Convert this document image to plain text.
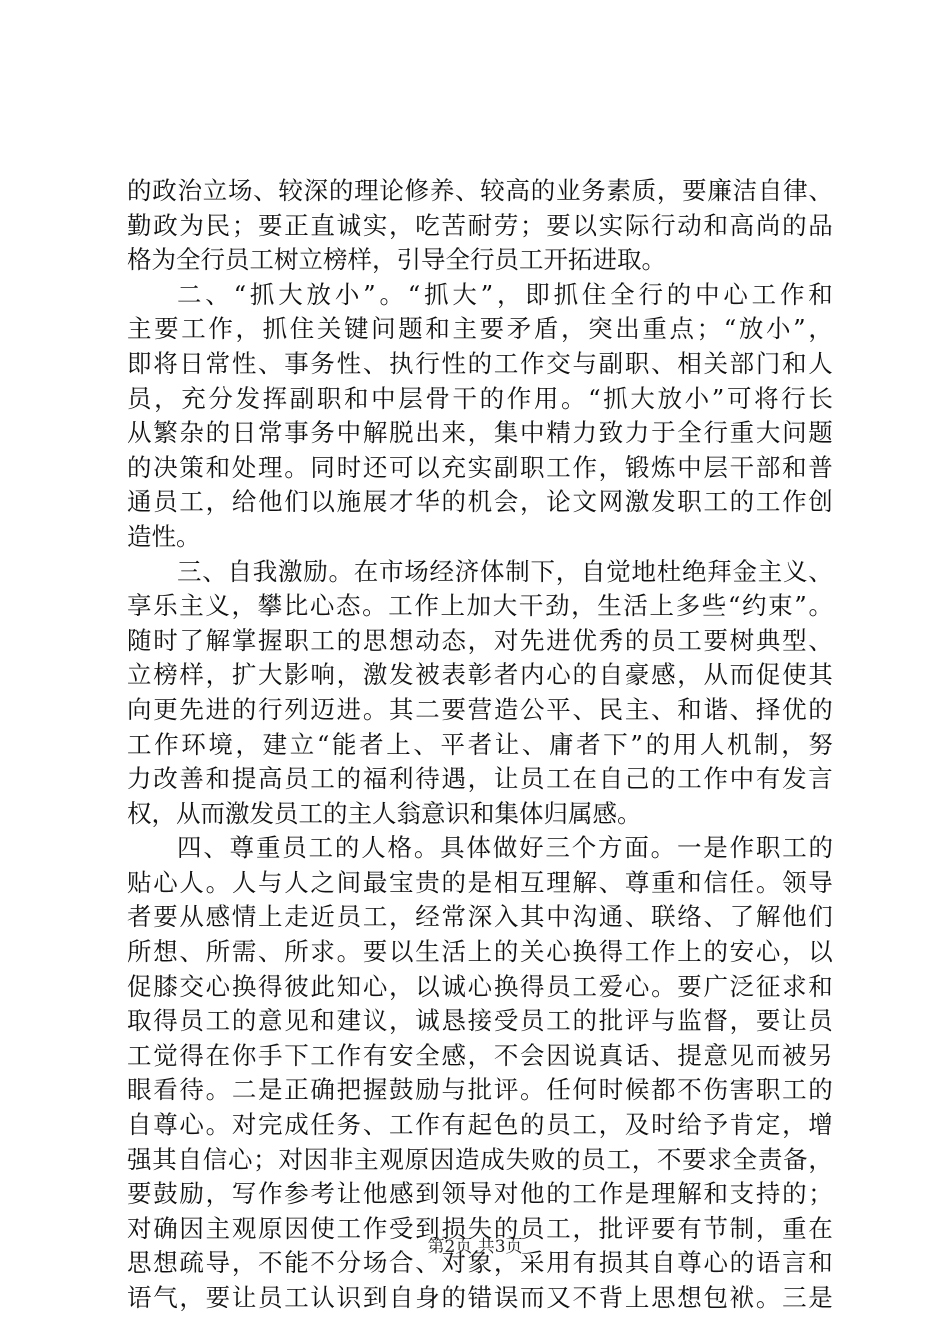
的 政 治 立 场 、 较 深 的 理 论 修 养 、 较 高 的 业 务 素 质 ， 要 廉 洁 自 律 、
勤 政 为 民 ； 要 正 直 诚 实 ， 吃 苦 耐 劳 ； 要 以 实 际 行 动 和 高 尚 的 品
格为全行员工树立榜样，引导全行员工开拓进取。
二 、 “ 抓 大 放 小 ” 。 “ 抓 大 ” ， 即 抓 住 全 行 的 中 心 工 作 和
主 要 工 作 ， 抓 住 关 键 问 题 和 主 要 矛 盾 ， 突 出 重 点 ； “ 放 小 ” ，
即 将 日 常 性 、 事 务 性 、 执 行 性 的 工 作 交 与 副 职 、 相 关 部 门 和 人
员 ， 充 分 发 挥 副 职 和 中 层 骨 干 的 作 用 。 “ 抓 大 放 小 ” 可 将 行 长
从 繁 杂 的 日 常 事 务 中 解 脱 出 来 ， 集 中 精 力 致 力 于 全 行 重 大 问 题
的 决 策 和 处 理 。 同 时 还 可 以 充 实 副 职 工 作 ， 锻 炼 中 层 干 部 和 普
通 员 工 ， 给 他 们 以 施 展 才 华 的 机 会 ， 论 文 网 激 发 职 工 的 工 作 创
造性。
三 、 自 我 激 励 。 在 市 场 经 济 体 制 下 ， 自 觉 地 杜 绝 拜 金 主 义 、
享 乐 主 义 ， 攀 比 心 态 。 工 作 上 加 大 干 劲 ， 生 活 上 多 些 “ 约 束 ” 。
随 时 了 解 掌 握 职 工 的 思 想 动 态 ， 对 先 进 优 秀 的 员 工 要 树 典 型 、
立 榜 样 ， 扩 大 影 响 ， 激 发 被 表 彰 者 内 心 的 自 豪 感 ， 从 而 促 使 其
向 更 先 进 的 行 列 迈 进 。 其 二 要 营 造 公 平 、 民 主 、 和 谐 、 择 优 的
工 作 环 境 ， 建 立 “ 能 者 上 、 平 者 让 、 庸 者 下 ” 的 用 人 机 制 ， 努
力 改 善 和 提 高 员 工 的 福 利 待 遇 ， 让 员 工 在 自 己 的 工 作 中 有 发 言
权，从而激发员工的主人翁意识和集体归属感。
四 、 尊 重 员 工 的 人 格 。 具 体 做 好 三 个 方 面 。 一 是 作 职 工 的
贴 心 人 。 人 与 人 之 间 最 宝 贵 的 是 相 互 理 解 、 尊 重 和 信 任 。 领 导
者 要 从 感 情 上 走 近 员 工 ， 经 常 深 入 其 中 沟 通 、 联 络 、 了 解 他 们
所 想 、 所 需 、 所 求 。 要 以 生 活 上 的 关 心 换 得 工 作 上 的 安 心 ， 以
促 膝 交 心 换 得 彼 此 知 心 ， 以 诚 心 换 得 员 工 爱 心 。 要 广 泛 征 求 和
取 得 员 工 的 意 见 和 建 议 ， 诚 恳 接 受 员 工 的 批 评 与 监 督 ， 要 让 员
工 觉 得 在 你 手 下 工 作 有 安 全 感 ， 不 会 因 说 真 话 、 提 意 见 而 被 另
眼 看 待 。 二 是 正 确 把 握 鼓 励 与 批 评 。 任 何 时 候 都 不 伤 害 职 工 的
自 尊 心 。 对 完 成 任 务 、 工 作 有 起 色 的 员 工 ， 及 时 给 予 肯 定 ， 增
强 其 自 信 心 ； 对 因 非 主 观 原 因 造 成 失 败 的 员 工 ， 不 要 求 全 责 备 ，
要 鼓 励 ， 写 作 参 考 让 他 感 到 领 导 对 他 的 工 作 是 理 解 和 支 持 的 ；
对 确 因 主 观 原 因 使 工 作 受 到 损 失 的 员 工 ， 批 评 要 有 节 制 ， 重 在
思 想 疏 导 ， 不 能 不 分 场 合 、 对 象 ， 采 用 有 损 其 自 尊 心 的 语 言 和
语 气 ， 要 让 员 工 认 识 到 自 身 的 错 误 而 又 不 背 上 思 想 包 袱 。 三 是
第2页 共3页
